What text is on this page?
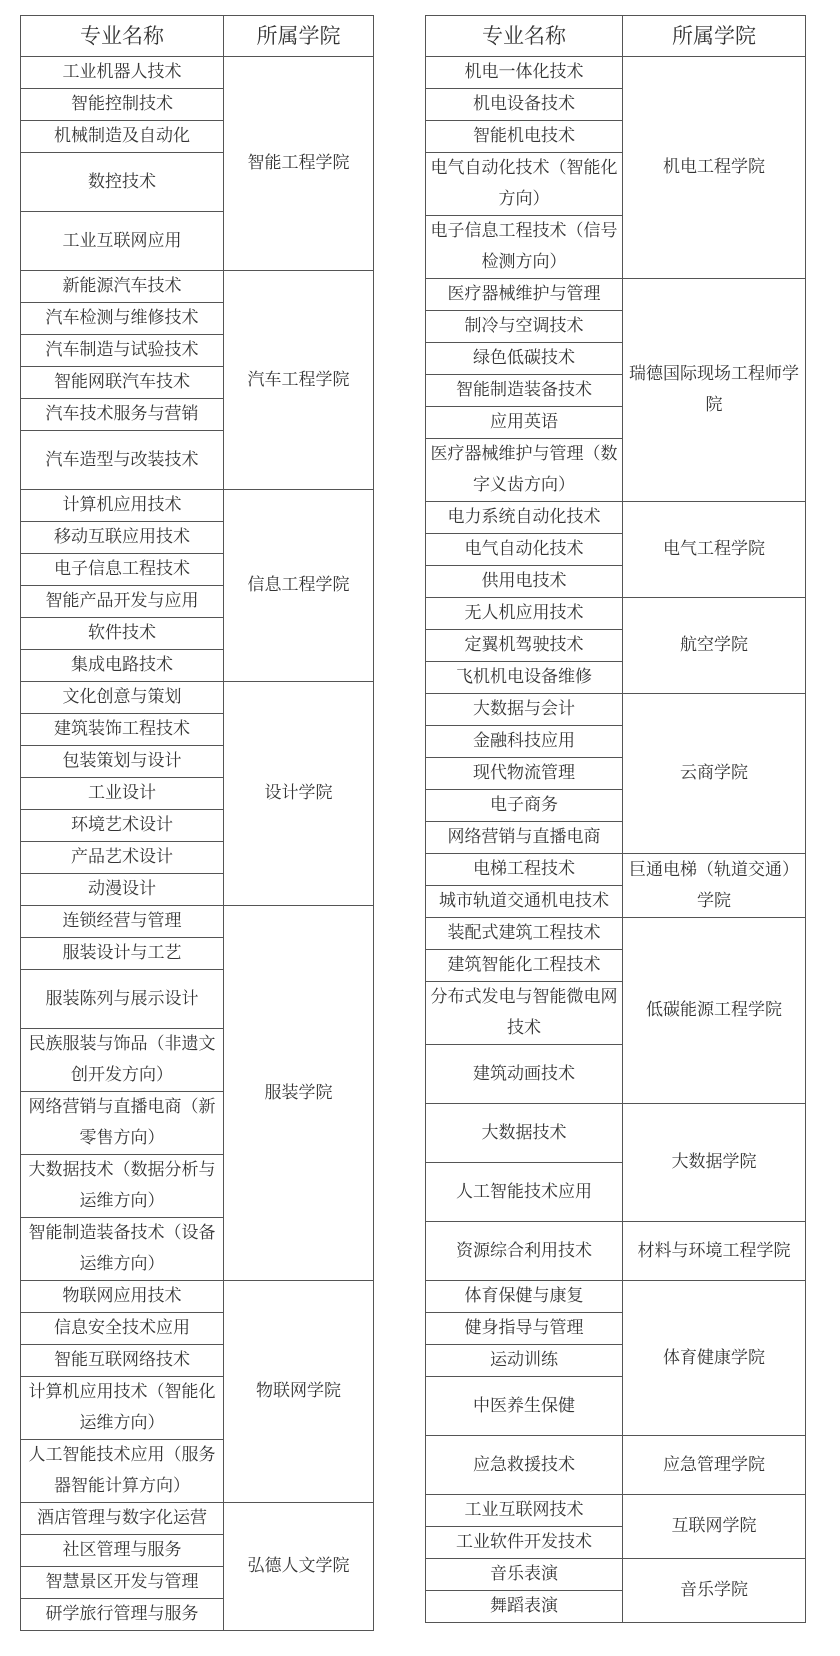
专业名称	所属学院
工业机器人技术	智能工程学院
智能控制技术	
机械制造及自动化	
数控技术	
工业互联网应用	
新能源汽车技术	汽车工程学院
汽车检测与维修技术	
汽车制造与试验技术	
智能网联汽车技术	
汽车技术服务与营销	
汽车造型与改装技术	
计算机应用技术	信息工程学院
移动互联应用技术	
电子信息工程技术	
智能产品开发与应用	
软件技术	
集成电路技术	
文化创意与策划	设计学院
建筑装饰工程技术	
包装策划与设计	
工业设计	
环境艺术设计	
产品艺术设计	
动漫设计	
连锁经营与管理	服装学院
服装设计与工艺	
服装陈列与展示设计	
民族服装与饰品（非遗文创开发方向）	
网络营销与直播电商（新零售方向）	
大数据技术（数据分析与运维方向）	
智能制造装备技术（设备运维方向）	
物联网应用技术	物联网学院
信息安全技术应用	
智能互联网络技术	
计算机应用技术（智能化运维方向）	
人工智能技术应用（服务器智能计算方向）	
酒店管理与数字化运营	弘德人文学院
社区管理与服务	
智慧景区开发与管理	
研学旅行管理与服务	
专业名称	所属学院
机电一体化技术	机电工程学院
机电设备技术	
智能机电技术	
电气自动化技术（智能化方向）	
电子信息工程技术（信号检测方向）	
医疗器械维护与管理	瑞德国际现场工程师学院
制冷与空调技术	
绿色低碳技术	
智能制造装备技术	
应用英语	
医疗器械维护与管理（数字义齿方向）	
电力系统自动化技术	电气工程学院
电气自动化技术	
供用电技术	
无人机应用技术	航空学院
定翼机驾驶技术	
飞机机电设备维修	
大数据与会计	云商学院
金融科技应用	
现代物流管理	
电子商务	
网络营销与直播电商	
电梯工程技术	巨通电梯（轨道交通）学院
城市轨道交通机电技术	
装配式建筑工程技术	低碳能源工程学院
建筑智能化工程技术	
分布式发电与智能微电网技术	
建筑动画技术	
大数据技术	大数据学院
人工智能技术应用	
资源综合利用技术	材料与环境工程学院
体育保健与康复	体育健康学院
健身指导与管理	
运动训练	
中医养生保健	
应急救援技术	应急管理学院
工业互联网技术	互联网学院
工业软件开发技术	
音乐表演	音乐学院
舞蹈表演	
